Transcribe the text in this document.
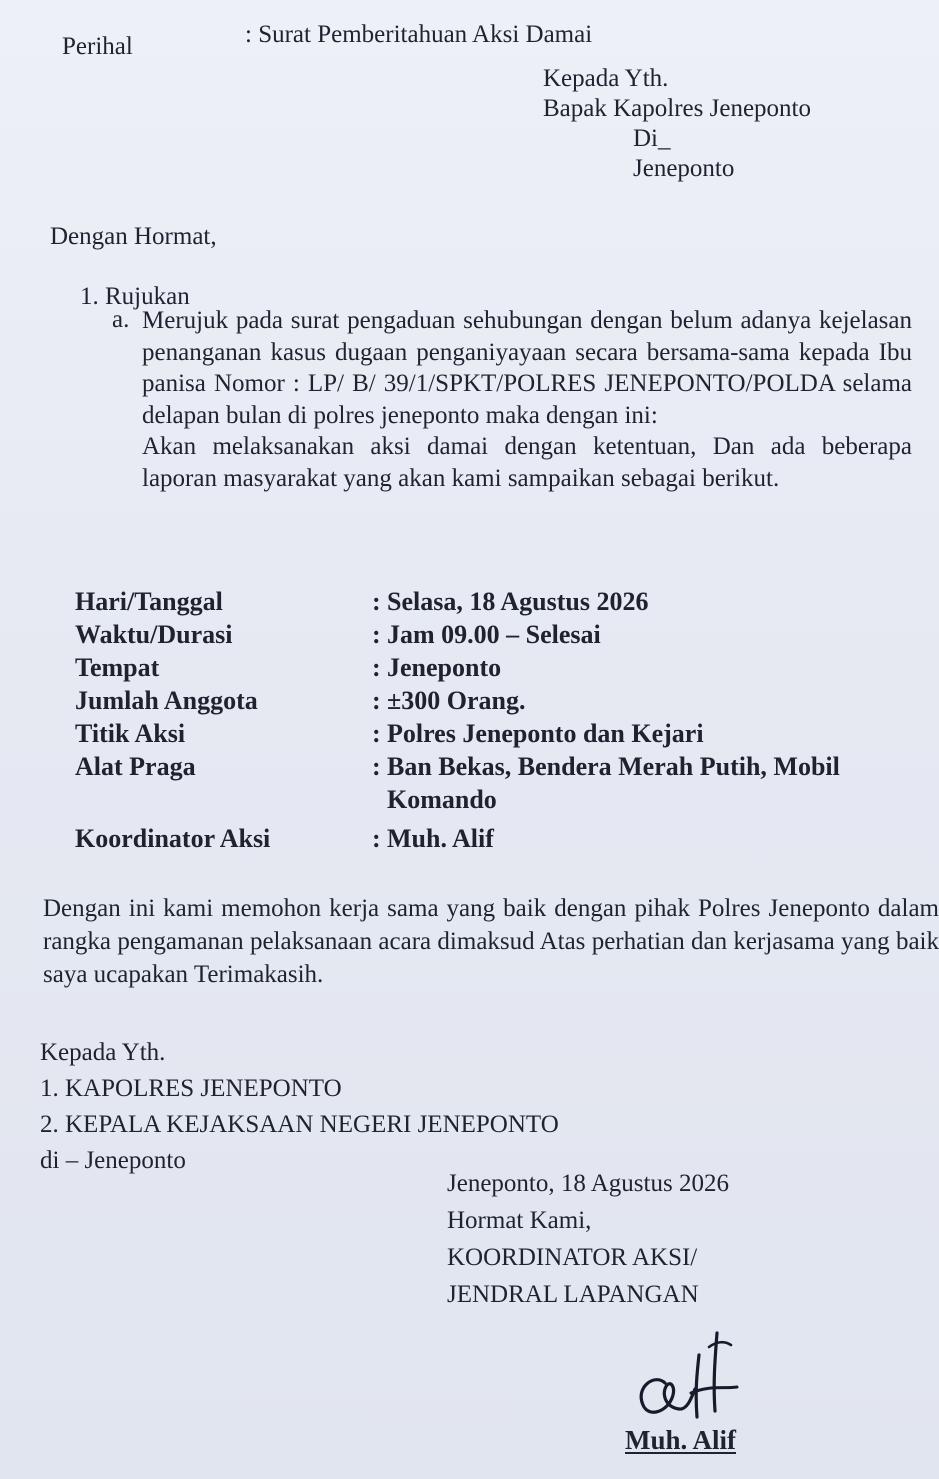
Perihal	: Surat Pemberitahuan Aksi Damai
Kepada Yth.
Bapak Kapolres Jeneponto
Di_
Jeneponto
Dengan Hormat,
1. Rujukan
a. Merujuk pada surat pengaduan sehubungan dengan belum adanya kejelasan penanganan kasus dugaan penganiyayaan secara bersama-sama kepada Ibu panisa Nomor : LP/ B/ 39/1/SPKT/POLRES JENEPONTO/POLDA selama delapan bulan di polres jeneponto maka dengan ini:
Akan melaksanakan aksi damai dengan ketentuan, Dan ada beberapa laporan masyarakat yang akan kami sampaikan sebagai berikut.
Hari/Tanggal	: Selasa, 18 Agustus 2026
Waktu/Durasi	: Jam 09.00 – Selesai
Tempat	: Jeneponto
Jumlah Anggota	: ±300 Orang.
Titik Aksi	: Polres Jeneponto dan Kejari
Alat Praga	: Ban Bekas, Bendera Merah Putih, Mobil Komando
Koordinator Aksi	: Muh. Alif
Dengan ini kami memohon kerja sama yang baik dengan pihak Polres Jeneponto dalam rangka pengamanan pelaksanaan acara dimaksud Atas perhatian dan kerjasama yang baik saya ucapakan Terimakasih.
Kepada Yth.
1. KAPOLRES JENEPONTO
2. KEPALA KEJAKSAAN NEGERI JENEPONTO
di – Jeneponto
Jeneponto, 18 Agustus 2026
Hormat Kami,
KOORDINATOR AKSI/
JENDRAL LAPANGAN
Muh. Alif
